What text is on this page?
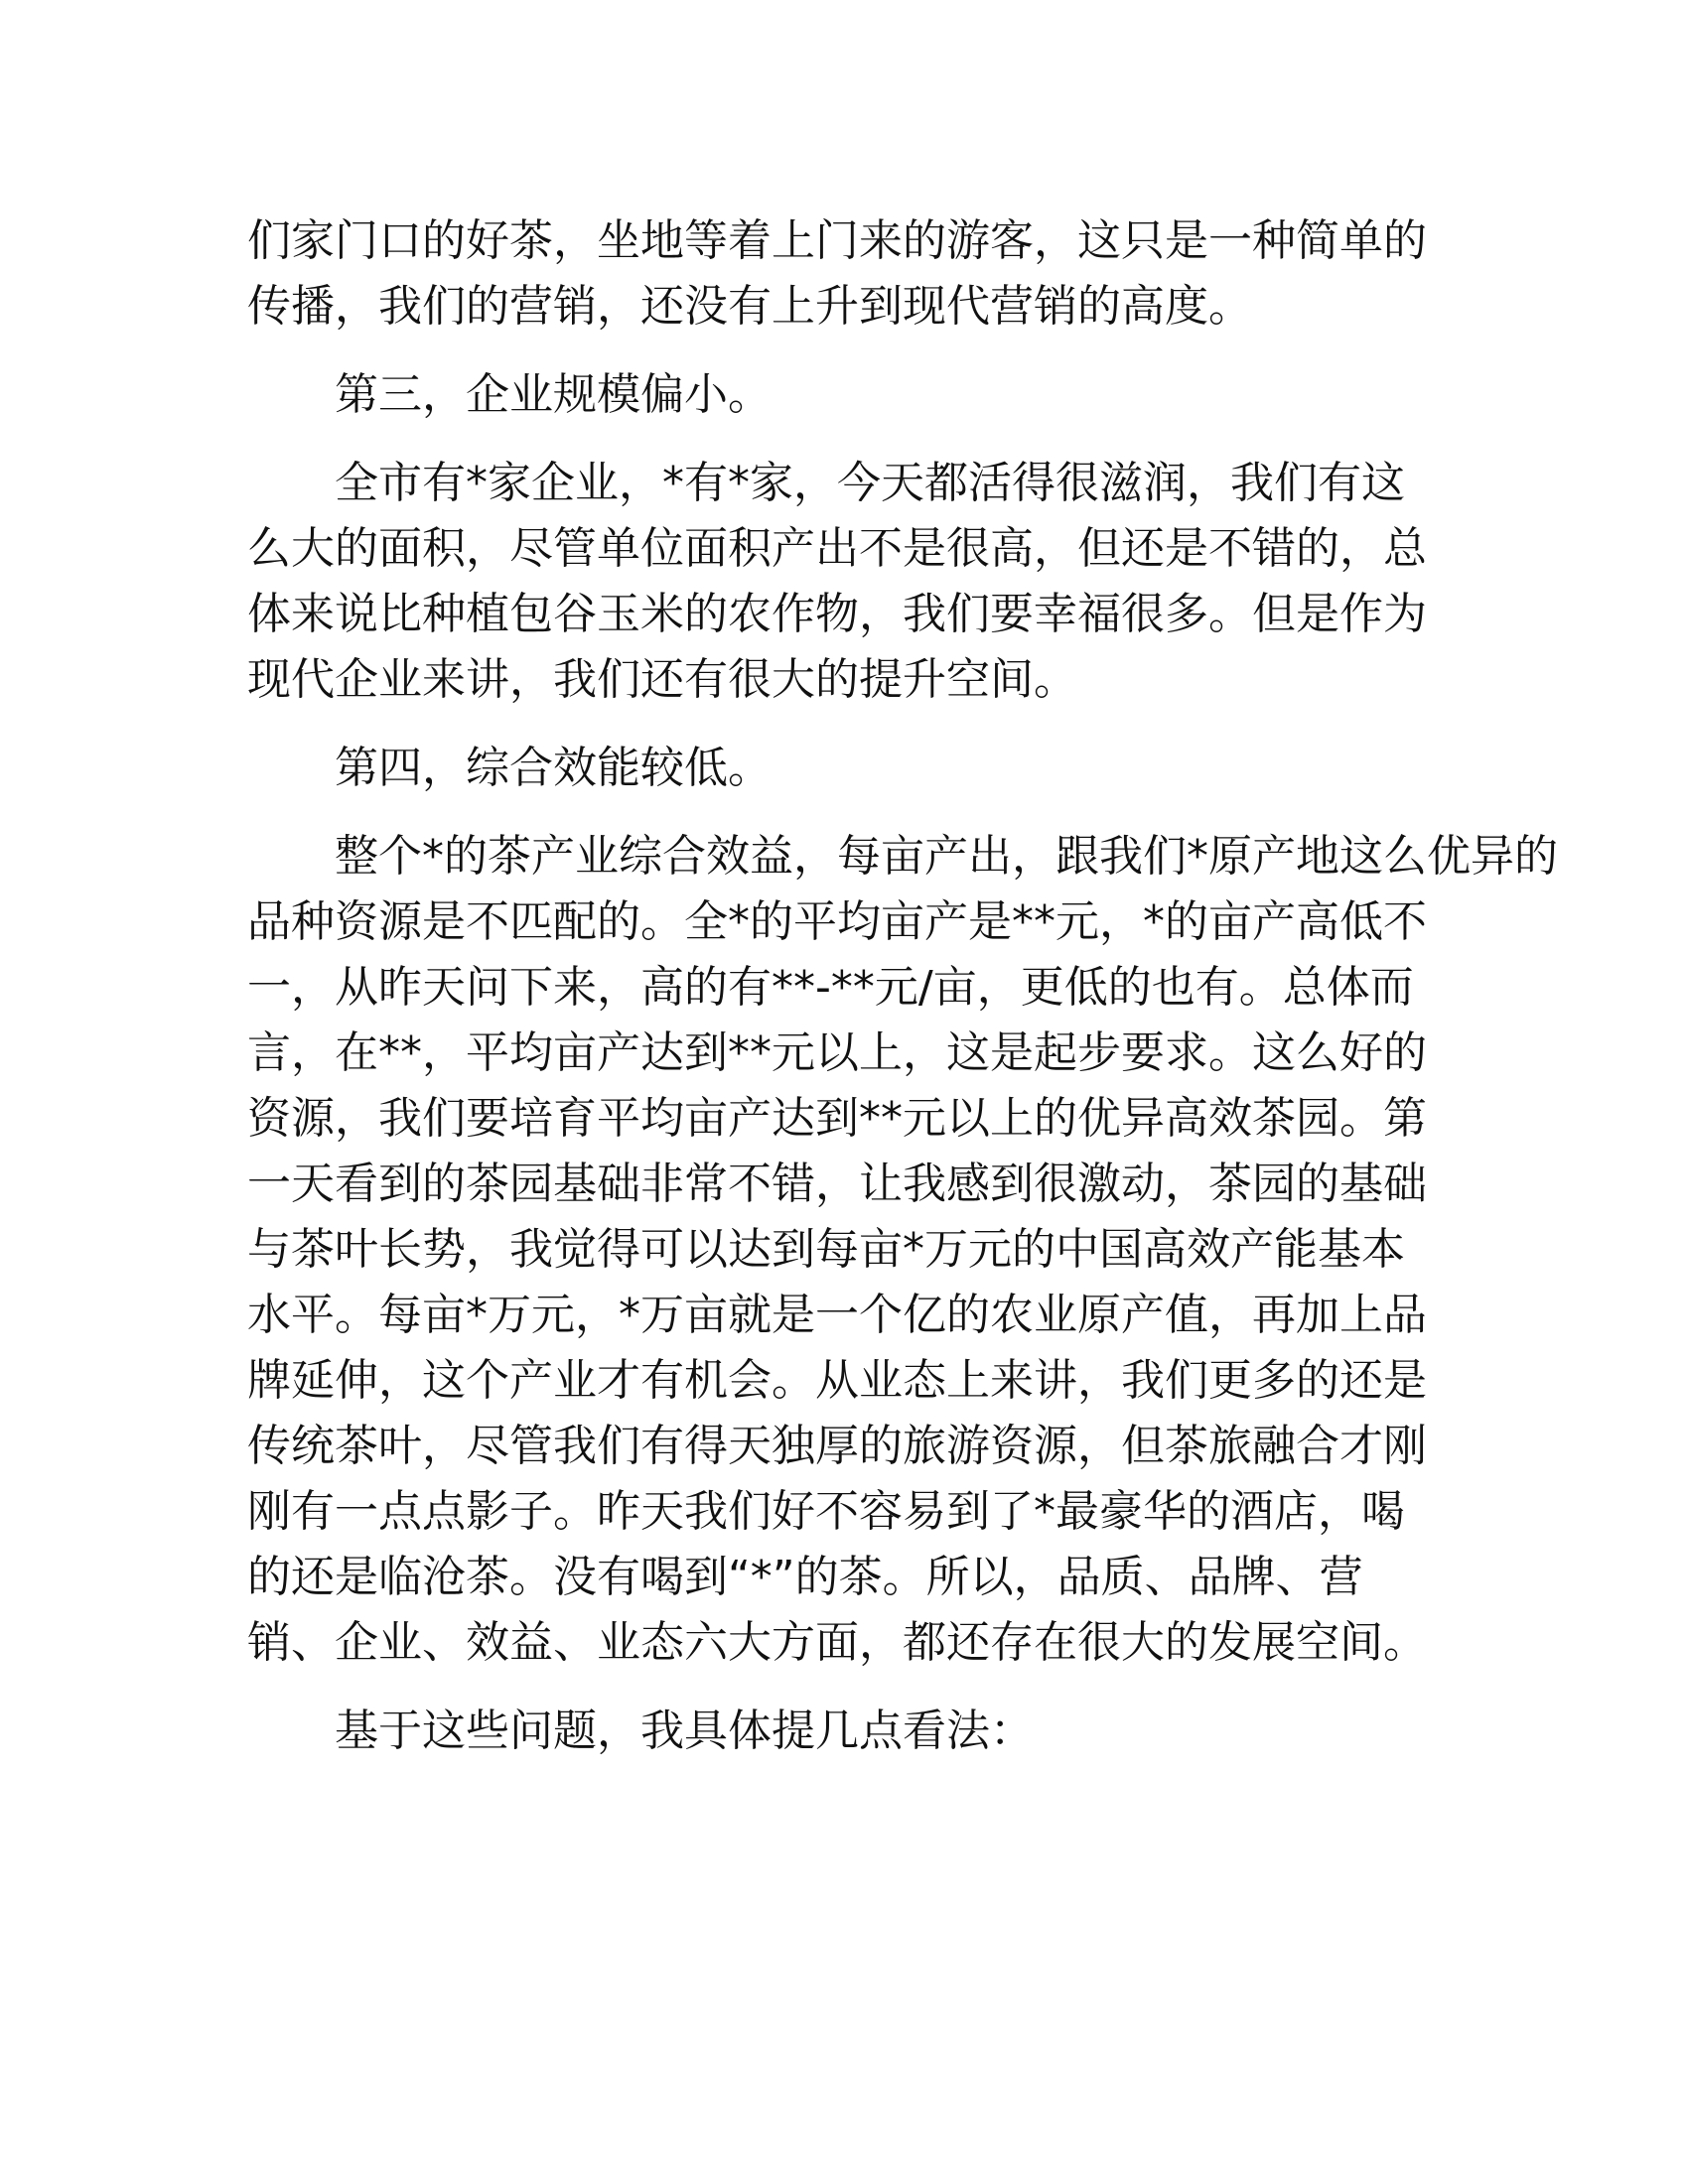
们家门口的好茶，坐地等着上门来的游客，这只是一种简单的
传播，我们的营销，还没有上升到现代营销的高度。
第三，企业规模偏小。
全市有*家企业，*有*家，今天都活得很滋润，我们有这
么大的面积，尽管单位面积产出不是很高，但还是不错的，总
体来说比种植包谷玉米的农作物，我们要幸福很多。但是作为
现代企业来讲，我们还有很大的提升空间。
第四，综合效能较低。
整个*的茶产业综合效益，每亩产出，跟我们*原产地这么优异的
品种资源是不匹配的。全*的平均亩产是**元，*的亩产高低不
一，从昨天问下来，高的有**-**元/亩，更低的也有。总体而
言，在**，平均亩产达到**元以上，这是起步要求。这么好的
资源，我们要培育平均亩产达到**元以上的优异高效茶园。第
一天看到的茶园基础非常不错，让我感到很激动，茶园的基础
与茶叶长势，我觉得可以达到每亩*万元的中国高效产能基本
水平。每亩*万元，*万亩就是一个亿的农业原产值，再加上品
牌延伸，这个产业才有机会。从业态上来讲，我们更多的还是
传统茶叶，尽管我们有得天独厚的旅游资源，但茶旅融合才刚
刚有一点点影子。昨天我们好不容易到了*最豪华的酒店，喝
的还是临沧茶。没有喝到“*”的茶。所以，品质、品牌、营
销、企业、效益、业态六大方面，都还存在很大的发展空间。
基于这些问题，我具体提几点看法：
